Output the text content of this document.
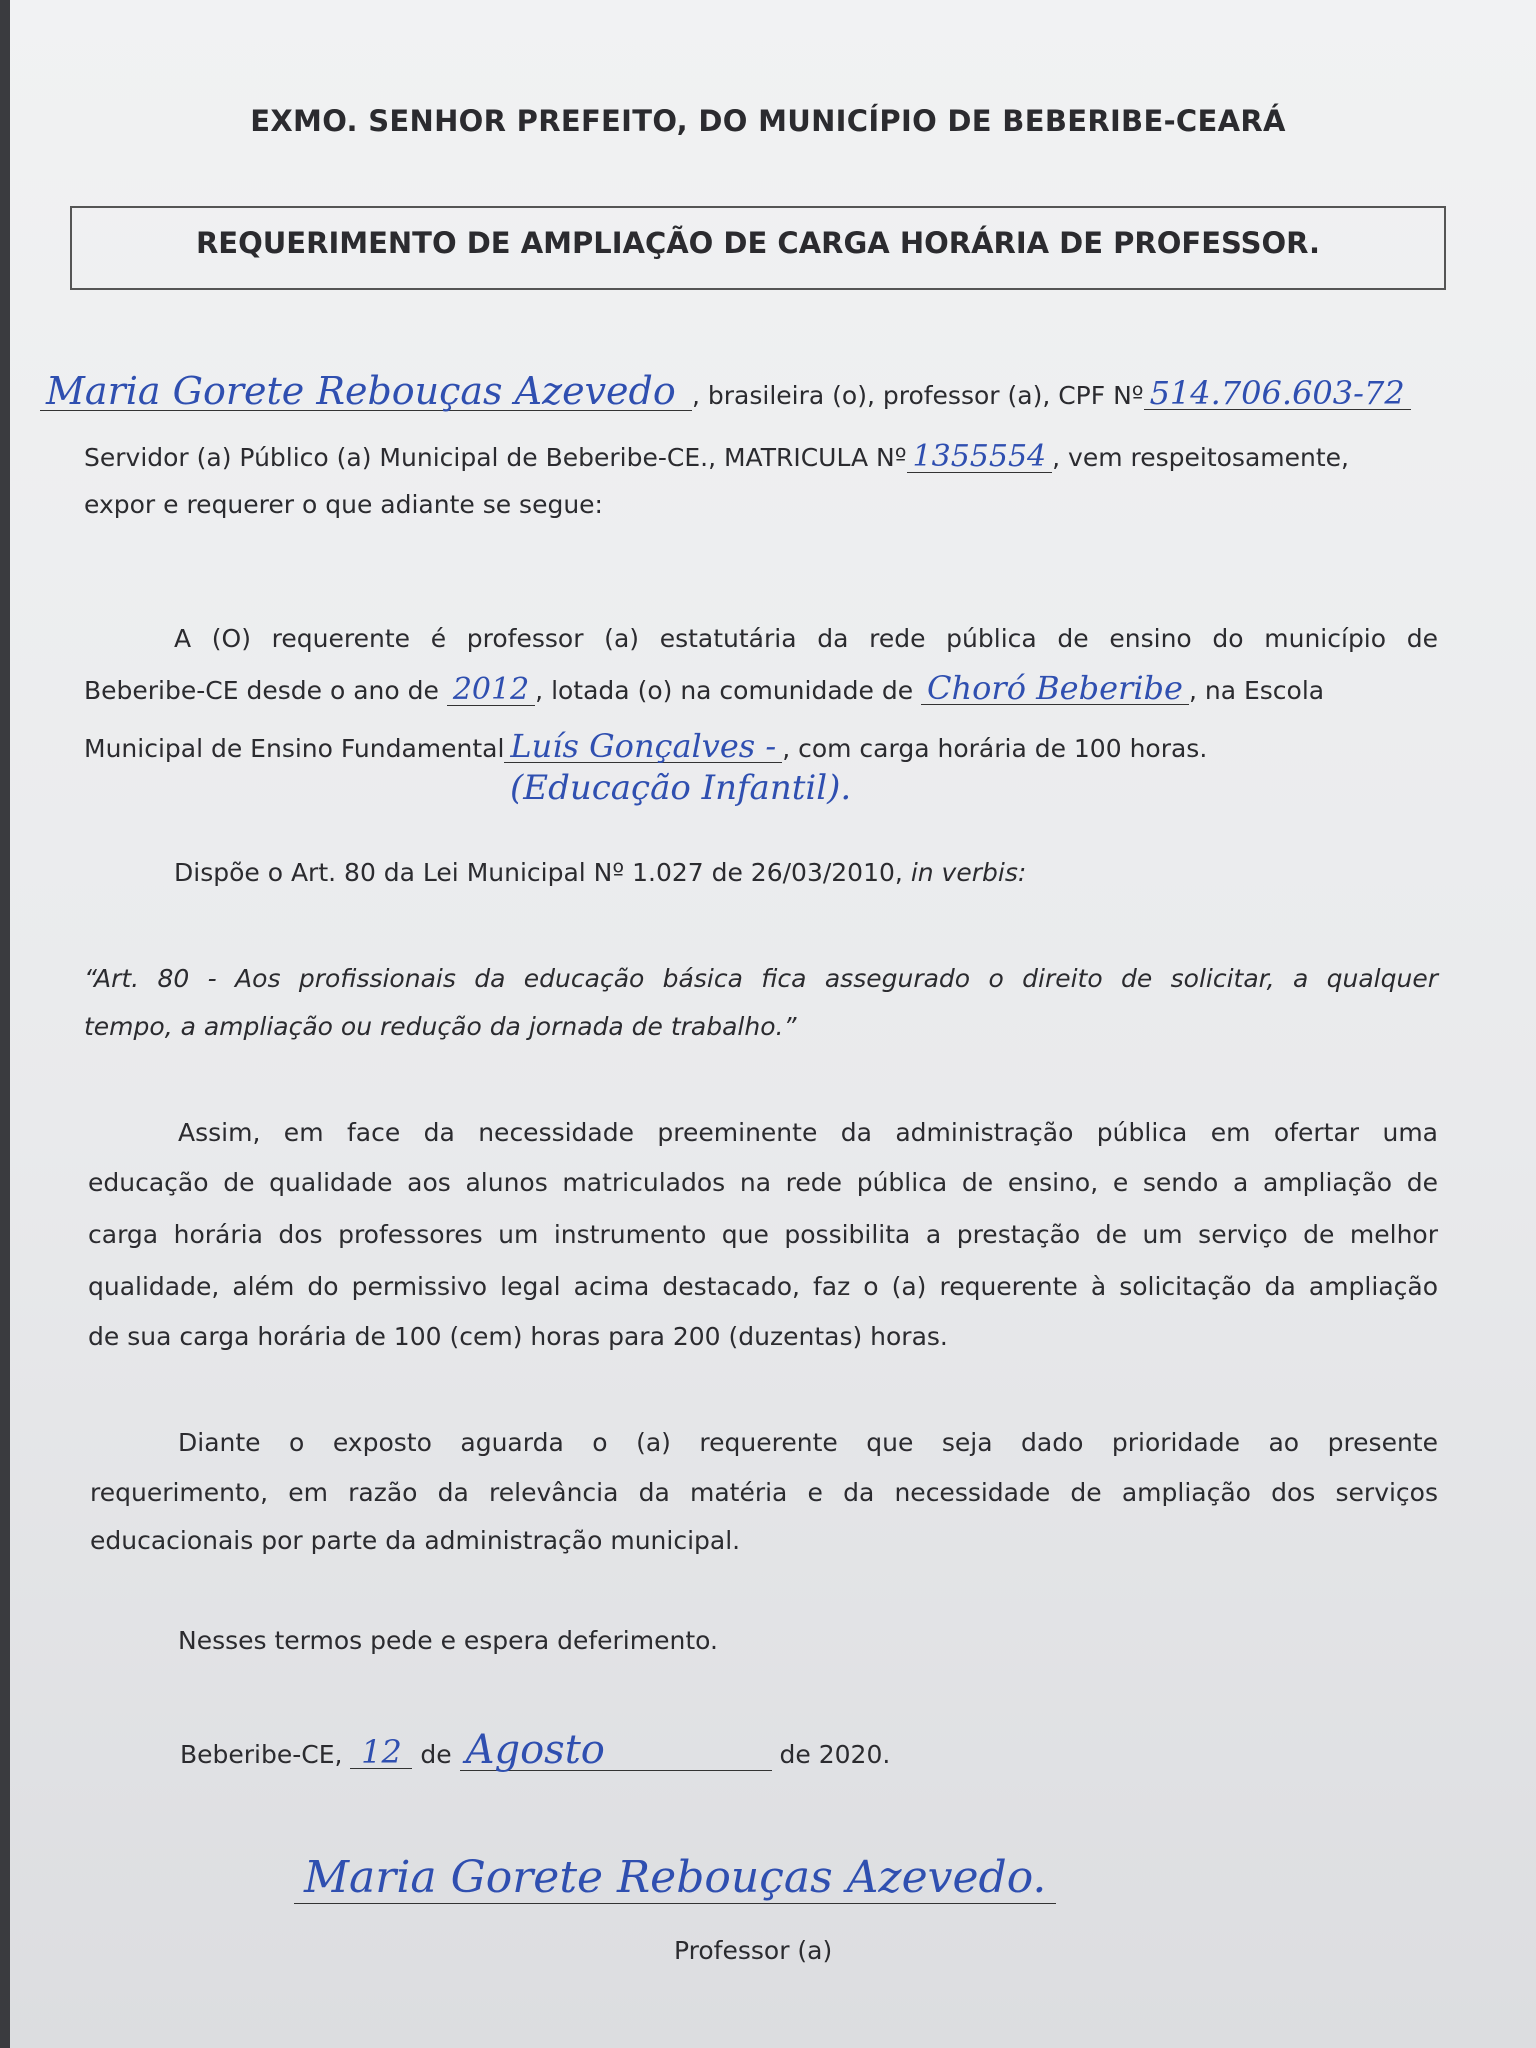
EXMO. SENHOR PREFEITO, DO MUNICÍPIO DE BEBERIBE-CEARÁ
REQUERIMENTO DE AMPLIAÇÃO DE CARGA HORÁRIA DE PROFESSOR.
Maria Gorete Rebouças Azevedo , brasileira (o), professor (a), CPF Nº 514.706.603-72
Servidor (a) Público (a) Municipal de Beberibe-CE., MATRICULA Nº 1355554 , vem respeitosamente,
expor e requerer o que adiante se segue:
A (O) requerente é professor (a) estatutária da rede pública de ensino do município de
Beberibe-CE desde o ano de 2012 , lotada (o) na comunidade de Choró Beberibe , na Escola
Municipal de Ensino Fundamental Luís Gonçalves - , com carga horária de 100 horas.
(Educação Infantil).
Dispõe o Art. 80 da Lei Municipal Nº 1.027 de 26/03/2010, in verbis:
“Art. 80 - Aos profissionais da educação básica fica assegurado o direito de solicitar, a qualquer
tempo, a ampliação ou redução da jornada de trabalho.”
Assim, em face da necessidade preeminente da administração pública em ofertar uma
educação de qualidade aos alunos matriculados na rede pública de ensino, e sendo a ampliação de
carga horária dos professores um instrumento que possibilita a prestação de um serviço de melhor
qualidade, além do permissivo legal acima destacado, faz o (a) requerente à solicitação da ampliação
de sua carga horária de 100 (cem) horas para 200 (duzentas) horas.
Diante o exposto aguarda o (a) requerente que seja dado prioridade ao presente
requerimento, em razão da relevância da matéria e da necessidade de ampliação dos serviços
educacionais por parte da administração municipal.
Nesses termos pede e espera deferimento.
Beberibe-CE, 12 de Agosto	de 2020.
Maria Gorete Rebouças Azevedo.
Professor (a)
